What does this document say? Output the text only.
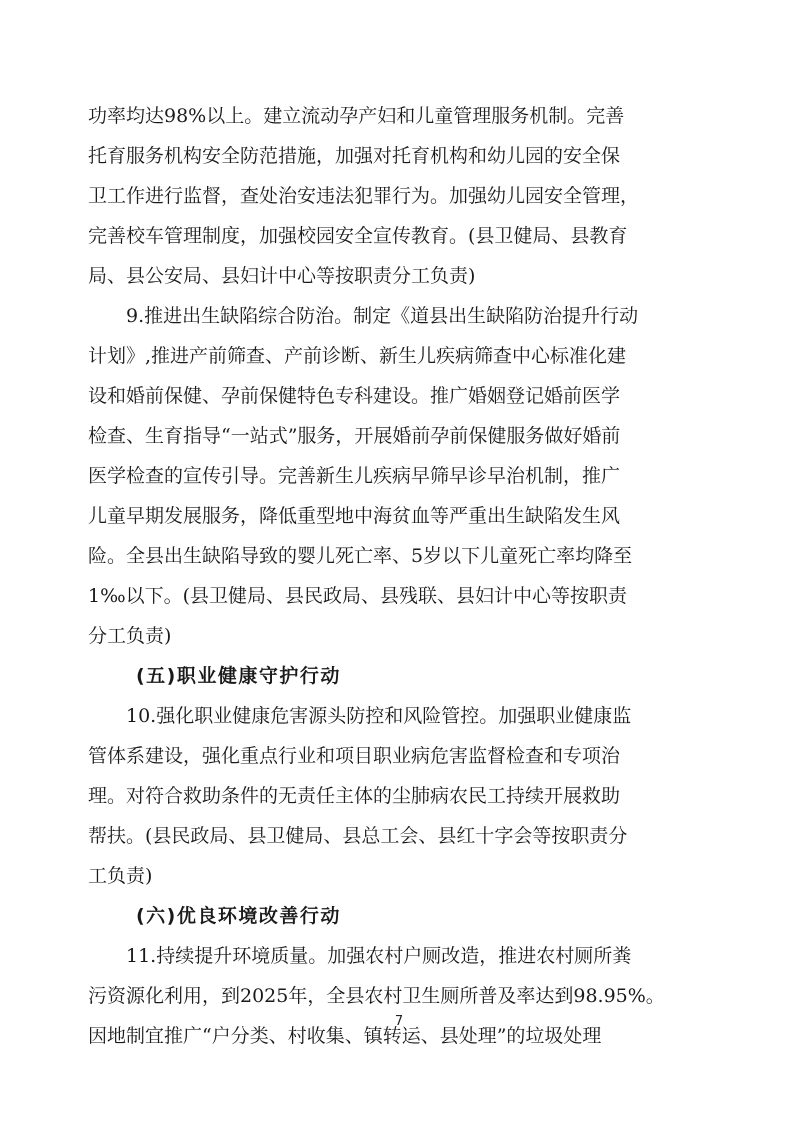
功率均达98%以上。建立流动孕产妇和儿童管理服务机制。完善
托育服务机构安全防范措施，加强对托育机构和幼儿园的安全保
卫工作进行监督，查处治安违法犯罪行为。加强幼儿园安全管理，
完善校车管理制度，加强校园安全宣传教育。(县卫健局、县教育
局、县公安局、县妇计中心等按职责分工负责)
9.推进出生缺陷综合防治。制定《道县出生缺陷防治提升行动
计划》,推进产前筛查、产前诊断、新生儿疾病筛查中心标准化建
设和婚前保健、孕前保健特色专科建设。推广婚姻登记婚前医学
检查、生育指导“一站式”服务，开展婚前孕前保健服务做好婚前
医学检查的宣传引导。完善新生儿疾病早筛早诊早治机制，推广
儿童早期发展服务，降低重型地中海贫血等严重出生缺陷发生风
险。全县出生缺陷导致的婴儿死亡率、5岁以下儿童死亡率均降至
1‰以下。(县卫健局、县民政局、县残联、县妇计中心等按职责
分工负责)
(五)职业健康守护行动
10.强化职业健康危害源头防控和风险管控。加强职业健康监
管体系建设，强化重点行业和项目职业病危害监督检查和专项治
理。对符合救助条件的无责任主体的尘肺病农民工持续开展救助
帮扶。(县民政局、县卫健局、县总工会、县红十字会等按职责分
工负责)
(六)优良环境改善行动
11.持续提升环境质量。加强农村户厕改造，推进农村厕所粪
污资源化利用，到2025年，全县农村卫生厕所普及率达到98.95%。
因地制宜推广“户分类、村收集、镇转运、县处理”的垃圾处理
7
